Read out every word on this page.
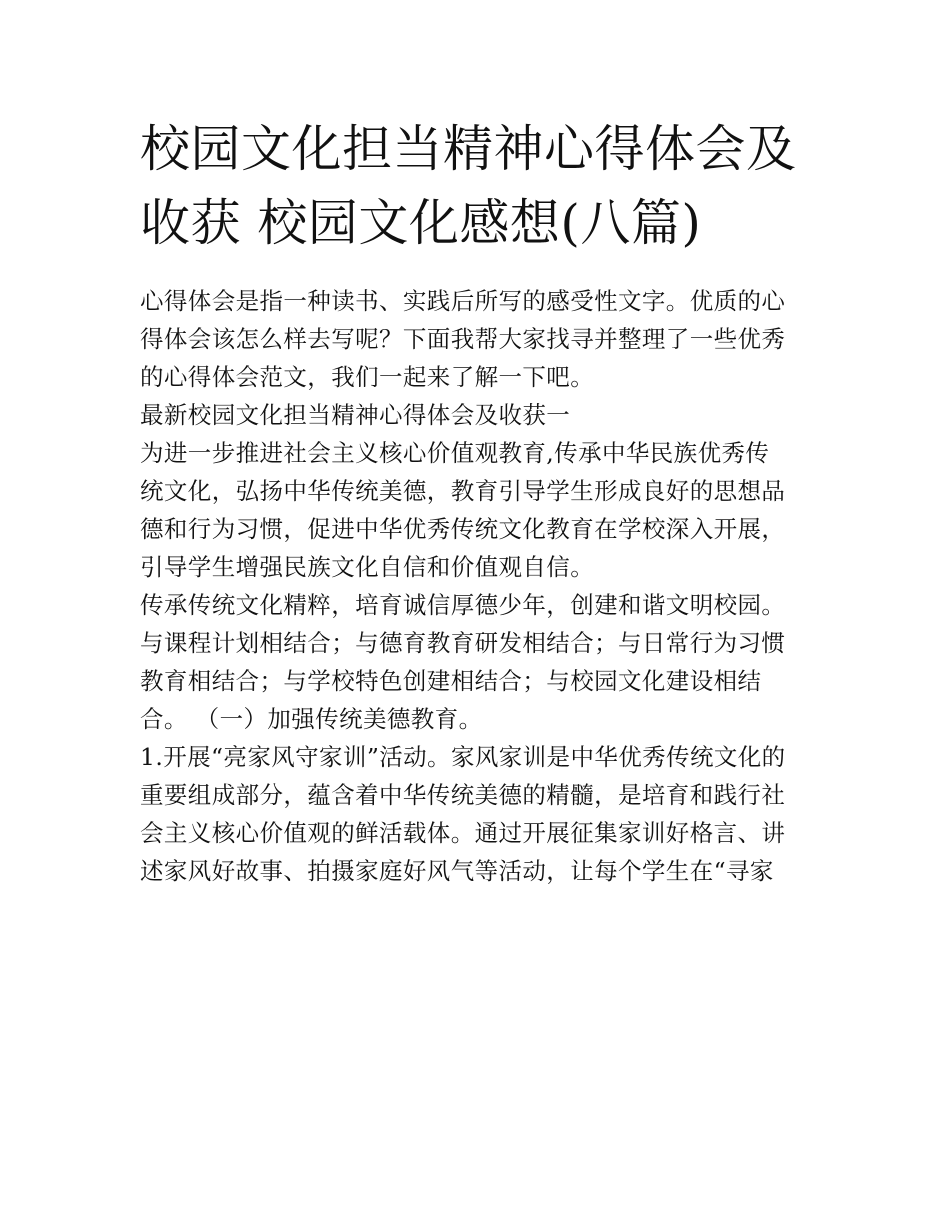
校园文化担当精神心得体会及
收获 校园文化感想(八篇)
心得体会是指一种读书、实践后所写的感受性文字。优质的心
得体会该怎么样去写呢？下面我帮大家找寻并整理了一些优秀
的心得体会范文，我们一起来了解一下吧。
最新校园文化担当精神心得体会及收获一
为进一步推进社会主义核心价值观教育,传承中华民族优秀传
统文化，弘扬中华传统美德，教育引导学生形成良好的思想品
德和行为习惯，促进中华优秀传统文化教育在学校深入开展，
引导学生增强民族文化自信和价值观自信。
传承传统文化精粹，培育诚信厚德少年，创建和谐文明校园。
与课程计划相结合；与德育教育研发相结合；与日常行为习惯
教育相结合；与学校特色创建相结合；与校园文化建设相结
合。 （一）加强传统美德教育。
1.开展“亮家风守家训”活动。家风家训是中华优秀传统文化的
重要组成部分，蕴含着中华传统美德的精髓，是培育和践行社
会主义核心价值观的鲜活载体。通过开展征集家训好格言、讲
述家风好故事、拍摄家庭好风气等活动，让每个学生在“寻家
